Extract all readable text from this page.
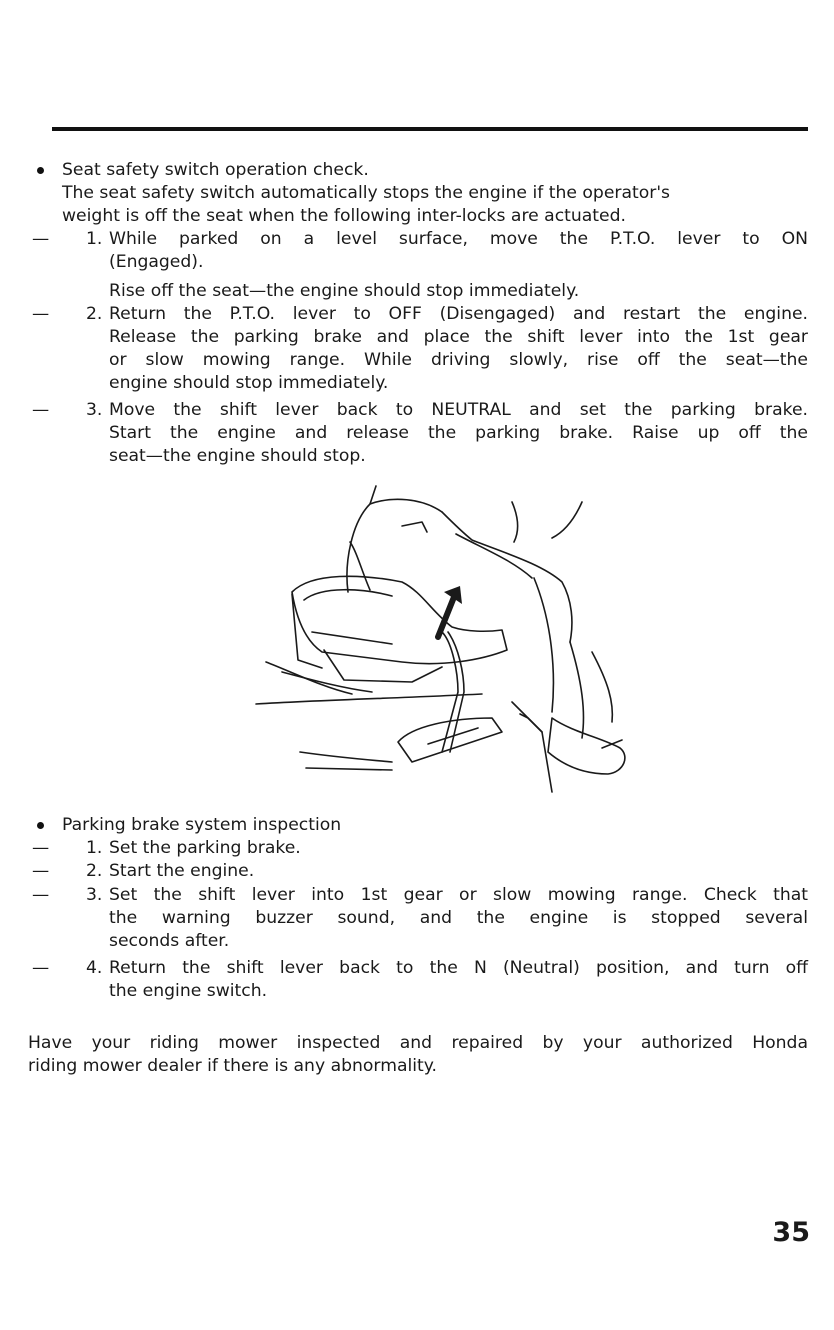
Seat safety switch operation check.
The seat safety switch automatically stops the engine if the operator's
weight is off the seat when the following inter-locks are actuated.
— 1. While parked on a level surface, move the P.T.O. lever to ON
(Engaged).
Rise off the seat—the engine should stop immediately.
— 2. Return the P.T.O. lever to OFF (Disengaged) and restart the engine.
Release the parking brake and place the shift lever into the 1st gear
or slow mowing range. While driving slowly, rise off the seat—the
engine should stop immediately.
— 3. Move the shift lever back to NEUTRAL and set the parking brake.
Start the engine and release the parking brake. Raise up off the
seat—the engine should stop.
Parking brake system inspection
— 1. Set the parking brake.
— 2. Start the engine.
— 3. Set the shift lever into 1st gear or slow mowing range. Check that
the warning buzzer sound, and the engine is stopped several
seconds after.
— 4. Return the shift lever back to the N (Neutral) position, and turn off
the engine switch.
Have your riding mower inspected and repaired by your authorized Honda
riding mower dealer if there is any abnormality.
35
